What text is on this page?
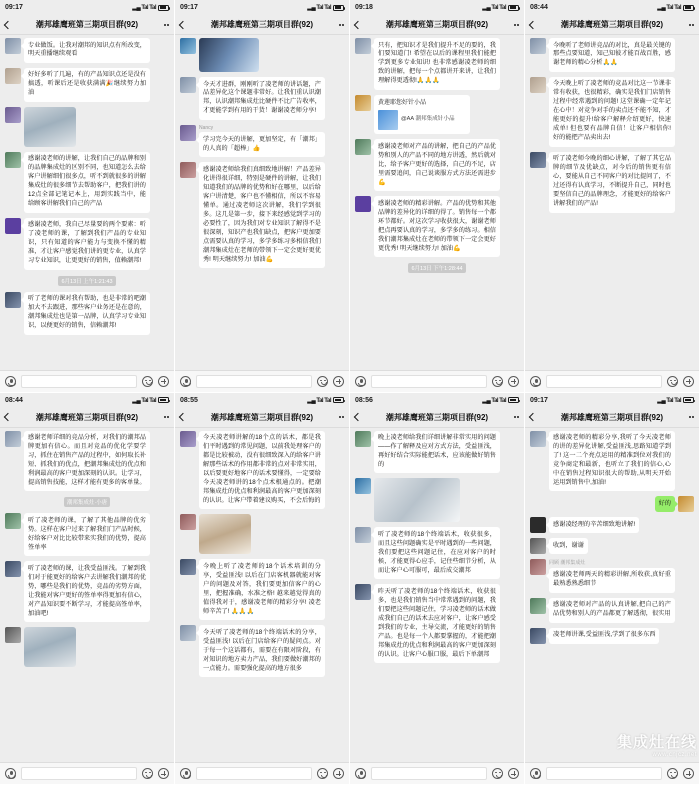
09:17	▂▄ Tal Tal
潮邦雄鹰班第三期项目群(92)
专业做饭。让我对潮邦的知识点有所改变，明天重播继续观看
好好多听了几遍，有的产品知识点还是没有搞透，听课后还是收获满满🎉继续努力加油
感谢凌老师的讲解，让我们自己的品牌和别的品牌集成灶的区别不同，也知道怎么去给客户讲解细们很多点，听不到就很多的讲解集成灶的很多细节去帮助客户，把我们讲的12点全部记笔记本上，用到实践当中，能给顾客讲解我们自己的产品
感谢凌老师，我自己尽量要的两个要素：听了凌老师的课，了解到我们产品的专业知识，只有知道的客户能力与变换不懂的精准，才让客户感觉我们讲的更专业，认真学习专业知识，让更更好的销售，值赖潮邦!
6月13日 上午1:21:43
听了老师的课对我有帮助，也是非常的吧潮加大不去跟进，那些客户业务还是在意的，潮邦集成灶也是第一品牌，认真学习专业知识，以便更好的销售，信赖潮邦!
09:17	▂▄ Tal Tal
潮邦雄鹰班第三期项目群(92)
今天才进群，刚刚听了凌老师的讲话题，产品差异化这个课题非常好。让我们重认识潮邦，认识潮邦集成灶比硬件不比广告收率，才更能学到有用的干货！谢谢凌老师分享!
Nancy
学习完今天的讲解，更加坚定，有「潮邦」的人真的「超棒」👍
感谢凌老师给我们真细致地讲解！产品差异化讲得很详细，特别是硬件的讲解，让我们知道我们的品牌的优势和好在哪里，以后给客户讲清楚，客户也不懂相信，所以不容易懂单。通过凌老师这次讲解，我们学到很多。这几是第一步，接下来经感觉到学习的必要性了，因为我们对专业知识了解得不是很深刻，知识产也我们缺点，把客户更加要点需要认真的学习，多学多练习多相信我们潮邦集成灶在老师的带领下一定会更好更优秀! 明天继续努力! 加油💪
09:18	▂▄ Tal Tal
潮邦雄鹰班第三期项目群(92)
只有，把知识才是我们提升不足的要的，我们要知道门! 希望在以后的课程里我们能把学到更多专业知识! 也非常感谢凌老师的细致的讲解，把每一个点都讲开来讲，让我们理解得更透彻!🙏🙏🙏
黄莲耶您好针小品
@AA 潮邦集成针小品
感谢凌老师对产品的讲解，把自己的产品优势和别人的产品不同的地方讲透，然后就对比，给予客户更好的选择，自己的不足，店里需要追问，自己说谈服方式方法还需进步💪
感谢凌老师的精彩讲解。产品的优势和其他品牌的差异化的详细的得了。销售每一个都环节都好。对这次学习收获很大，谢谢老师把点再要认真的学习，多学多的练习。相信我们潮邦集成灶在老师的带领下一定会更好更优秀! 明天继续努力! 加油💪
6月13日 下午1:28:44
08:44	▂▄ Tal Tal
潮邦雄鹰班第三期项目群(92)
今晚听了老师讲竞品的对比，真是最关键的那些点要知道，知己知彼才能百战百胜，感谢老师的精心分析🙏🙏
今天晚上听了凌老师的竞品对比这一节课非常有收获，也很精彩，确实是我们门店销售过程中经常遇到的问题! 这堂课确一定年记在心中！对竞争对手的卖点还不能不知，才能更好的提升!给客户解释介绍更好，快速成单! 但也要有品牌自信！让客户相信你! 好的能把产品卖出去!
听了凌老师今晚的细心讲解，了解了其它品牌的细节及优缺点，对今后的销售更有信心，要能从自己不同客户的对比提问了，不过还得有认真学习，不断提升自己，同时也要坚信自己的品牌理念，才能更好的给客户讲解我们的产品!
08:44	▂▄ Tal Tal
潮邦雄鹰班第三期项目群(92)
感谢老师详细的竞品分析，对我们的潮邦品牌更加有信心。而且对竞品的优化学要学习，抓住在销售产品的过程中，如何取长补短、抓我们的优点，把潮邦集成灶的优点和利润最高的客户更加深刻的认识。让学习，提高销售技能，这样才能有更多的客单量。
潮邦集成灶·小唐
听了凌老师的课，了解了其他品牌的优劣势。这样在客户过来了解我们门产品时候，好给客户对比比较带来实我们的优势，提高签单率
听了凌老师的课，让我受益匪浅。了解到我们对于能更好的给客户去讲解我们潮邦的优势，哪些是我们的优势，竞品的劣势方面，让我能对客户更好的签单率得更加有信心，对产品知识要不断学习，才能提高签单率，加油吧!
08:55	▂▄ Tal Tal
潮邦雄鹰班第三期项目群(92)
今天凌老师讲解的18个点的话术，都是我们平时遇到的常见问题，以前我处理客户的都是比较被动，没有很细致深入的给客户讲解那些话术的作用都非常的点对非常实用，以后要更好地客户的话术要懂得，一定要给今天凌老师讲的18个点术根通点的。把潮邦集成灶的优点和利润最高的客户更加深刻的认识。让客户带着建议购买，不会后悔的
今晚上听了凌老师的18个话术培训的分享，受益匪浅! 以后在门店客机器就能对客户的问题及对答，我们要更加信客户的心里，把握准确，水准之格! 越来越觉得真的值得我对于，感谢凌老师的精彩分享! 凌老师辛苦了! 🙏🙏🙏
今天听了凌老师的18个终端话术的分享，受益匪浅! 以后在门店给客户的疑问点。对于每一个这话都有，需要在有限对阶段，有对知识的地方卖力产品，我们要做好潮邦的一点能力。需要强化提高的地方很多
08:56	▂▄ Tal Tal
潮邦雄鹰班第三期项目群(92)
晚上凌老师给我们详细讲解非常实用的问题——作了解释及应对方式方法，受益匪浅，再好好结合实际能把话术，应该能做好销售的
听了凌老师的18个终端话术，收获很多，而且这些问题确实是平时遇到的一些问题，我们要把这些问题记住，在应对客户的时候，才能更得心应手，记住些细节分析，从而让客户心可服可，最后成交潮邦
昨天听了凌老师的18个终端话术，收获很多，也是我们销售当中常常遇到的问题，我们要把这些问题记住，学习凌老师的话术做成我们自己的话术去应对客户，让客户感受到我们的专业，主导交流，才能更好的销售产品。也是每一个人都要掌握的，才能把潮邦集成灶的优点和利润最高的客户更加深刻的认识。让客户心服口服，最后下单潮邦
09:17	▂▄ Tal Tal
潮邦雄鹰班第三期项目群(92)
感谢凌老师的精彩分享,我听了今天凌老师的讲的差异化讲解,受益匪浅,思路知道学到了! 这一二个亮点运用的精准到位对我们的竞争商定和最新，也听立了我们的信心,心中在销售过程知识很大的帮助,从明天开始运用到销售中,加油!
好的
感谢凌经理的辛苦细致地讲解!
收到，谢谢
同顾 潮邦集成灶
感谢凌老师两天的精彩讲解,所收获,真好重最熟悉熟悉细节
感谢凌老师对产品的认真讲解,把自己的产品优势和别人的产品都更了解透彻，很实用
凌老师讲课,受益匪浅,学到了很多东西
集成灶在线
www.cnjcz.net
